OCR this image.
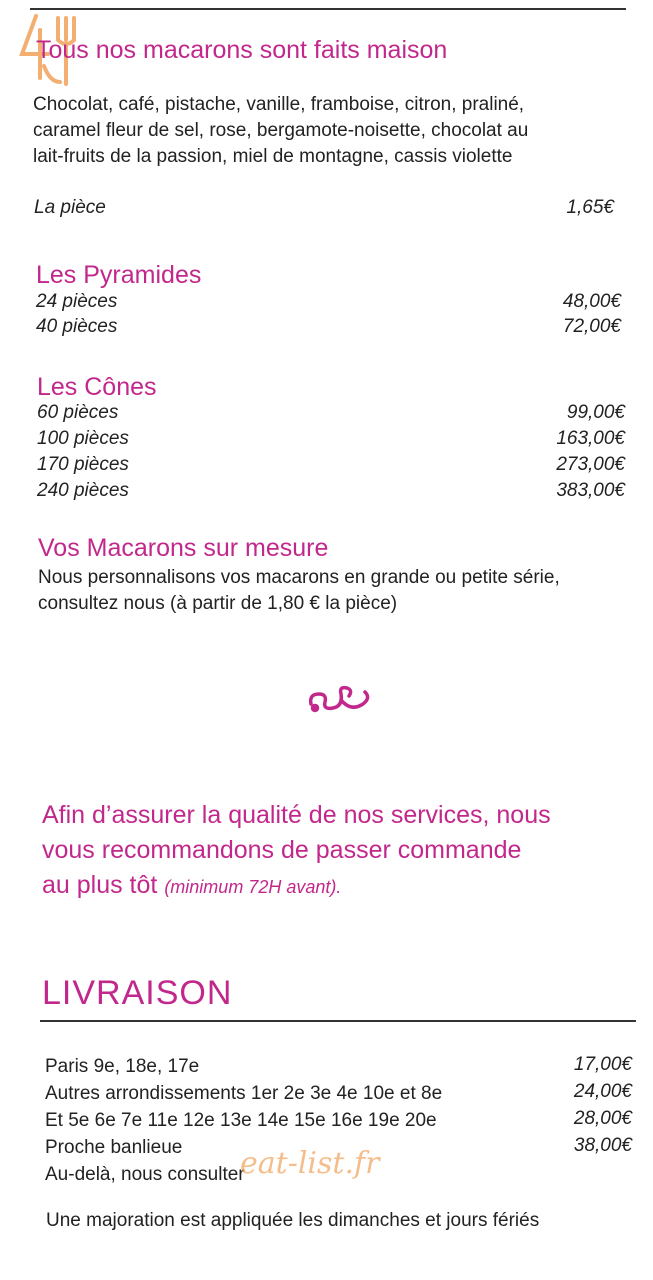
Tous nos macarons sont faits maison
Chocolat, café, pistache, vanille, framboise, citron, praliné,
caramel fleur de sel, rose, bergamote-noisette, chocolat au
lait-fruits de la passion, miel de montagne, cassis violette
La pièce	1,65€
Les Pyramides
24 pièces	48,00€
40 pièces	72,00€
Les Cônes
60 pièces	99,00€
100 pièces	163,00€
170 pièces	273,00€
240 pièces	383,00€
Vos Macarons sur mesure
Nous personnalisons vos macarons en grande ou petite série,
consultez nous (à partir de 1,80 € la pièce)
Afin d’assurer la qualité de nos services, nous
vous recommandons de passer commande
au plus tôt (minimum 72H avant).
LIVRAISON
Paris 9e, 18e, 17e	17,00€
Autres arrondissements 1er 2e 3e 4e 10e et 8e	24,00€
Et 5e 6e 7e 11e 12e 13e 14e 15e 16e 19e 20e	28,00€
Proche banlieue	38,00€
Au-delà, nous consulter
Une majoration est appliquée les dimanches et jours fériés
eat-list.fr
